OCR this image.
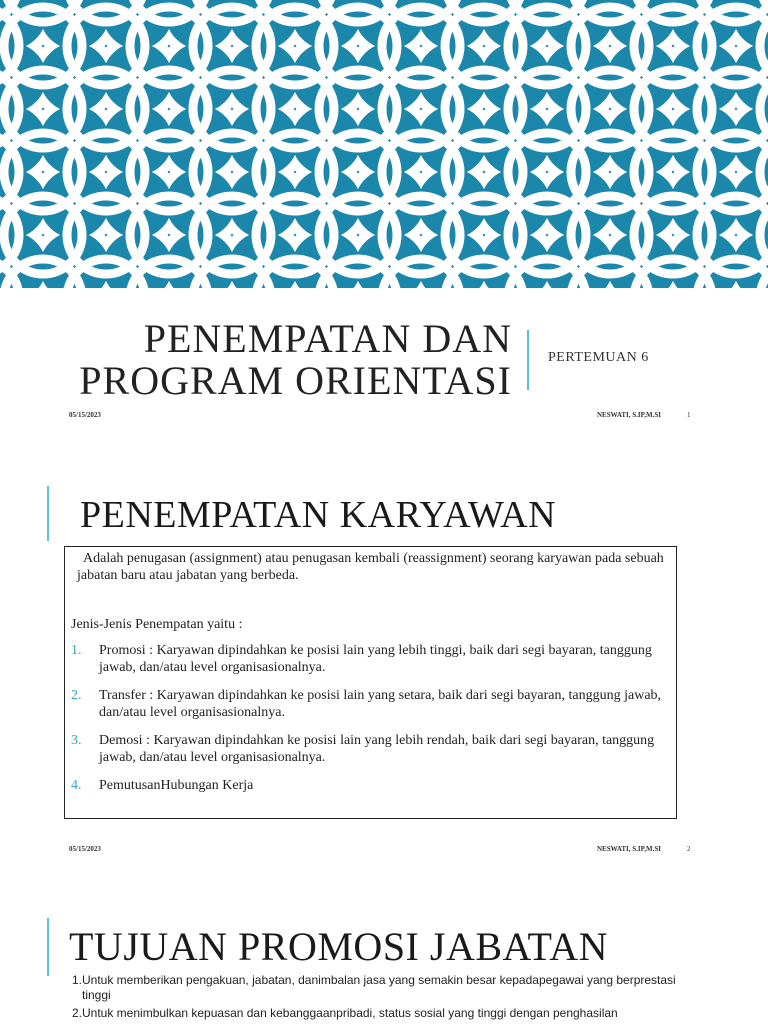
PENEMPATAN DAN
PROGRAM ORIENTASI
PERTEMUAN 6
05/15/2023	NESWATI, S.IP,M.SI	1
PENEMPATAN KARYAWAN

Adalah penugasan (assignment) atau penugasan kembali (reassignment) seorang karyawan pada sebuah jabatan baru atau jabatan yang berbeda.

Jenis-Jenis Penempatan yaitu :

1. Promosi : Karyawan dipindahkan ke posisi lain yang lebih tinggi, baik dari segi bayaran, tanggung jawab, dan/atau level organisasionalnya.
2. Transfer : Karyawan dipindahkan ke posisi lain yang setara, baik dari segi bayaran, tanggung jawab, dan/atau level organisasionalnya.
3. Demosi : Karyawan dipindahkan ke posisi lain yang lebih rendah, baik dari segi bayaran, tanggung jawab, dan/atau level organisasionalnya.
4. PemutusanHubungan Kerja
05/15/2023	NESWATI, S.IP,M.SI	2
TUJUAN PROMOSI JABATAN
1. Untuk memberikan pengakuan, jabatan, danimbalan jasa yang semakin besar kepadapegawai yang berprestasi tinggi
2. Untuk menimbulkan kepuasan dan kebanggaanpribadi, status sosial yang tinggi dengan penghasilan
